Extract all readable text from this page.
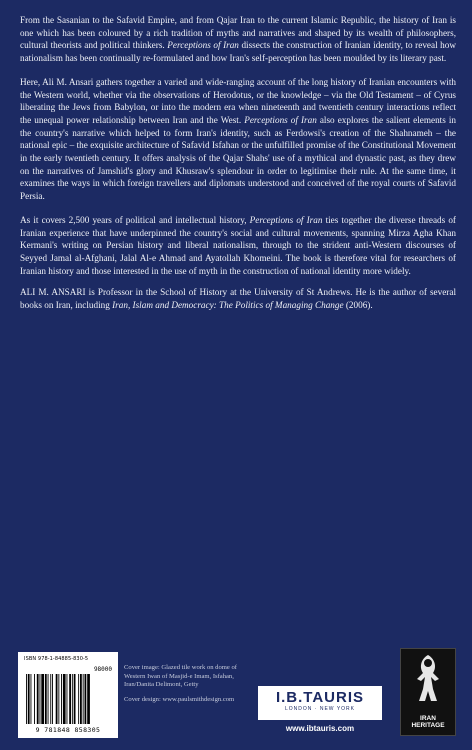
From the Sasanian to the Safavid Empire, and from Qajar Iran to the current Islamic Republic, the history of Iran is one which has been coloured by a rich tradition of myths and narratives and shaped by its wealth of philosophers, cultural theorists and political thinkers. Perceptions of Iran dissects the construction of Iranian identity, to reveal how nationalism has been continually re-formulated and how Iran's self-perception has been moulded by its literary past.

Here, Ali M. Ansari gathers together a varied and wide-ranging account of the long history of Iranian encounters with the Western world, whether via the observations of Herodotus, or the knowledge – via the Old Testament – of Cyrus liberating the Jews from Babylon, or into the modern era when nineteenth and twentieth century interactions reflect the unequal power relationship between Iran and the West. Perceptions of Iran also explores the salient elements in the country's narrative which helped to form Iran's identity, such as Ferdowsi's creation of the Shahnameh – the national epic – the exquisite architecture of Safavid Isfahan or the unfulfilled promise of the Constitutional Movement in the early twentieth century. It offers analysis of the Qajar Shahs' use of a mythical and dynastic past, as they drew on the narratives of Jamshid's glory and Khusraw's splendour in order to legitimise their rule. At the same time, it examines the ways in which foreign travellers and diplomats understood and conceived of the royal courts of Safavid Persia.

As it covers 2,500 years of political and intellectual history, Perceptions of Iran ties together the diverse threads of Iranian experience that have underpinned the country's social and cultural movements, spanning Mirza Agha Khan Kermani's writing on Persian history and liberal nationalism, through to the strident anti-Western discourses of Seyyed Jamal al-Afghani, Jalal Al-e Ahmad and Ayatollah Khomeini. The book is therefore vital for researchers of Iranian history and those interested in the use of myth in the construction of national identity more widely.

ALI M. ANSARI is Professor in the School of History at the University of St Andrews. He is the author of several books on Iran, including Iran, Islam and Democracy: The Politics of Managing Change (2006).

ISBN 978-1-84885-830-5
98000
9 781848 858305

Cover image: Glazed tile work on dome of Western Iwan of Masjid-e Imam, Isfahan, Iran/Danita Delimont, Getty

Cover design: www.paulsmithdesign.com	I.B.TAURIS
LONDON · NEW YORK
www.ibtauris.com
IRAN
HERITAGE
